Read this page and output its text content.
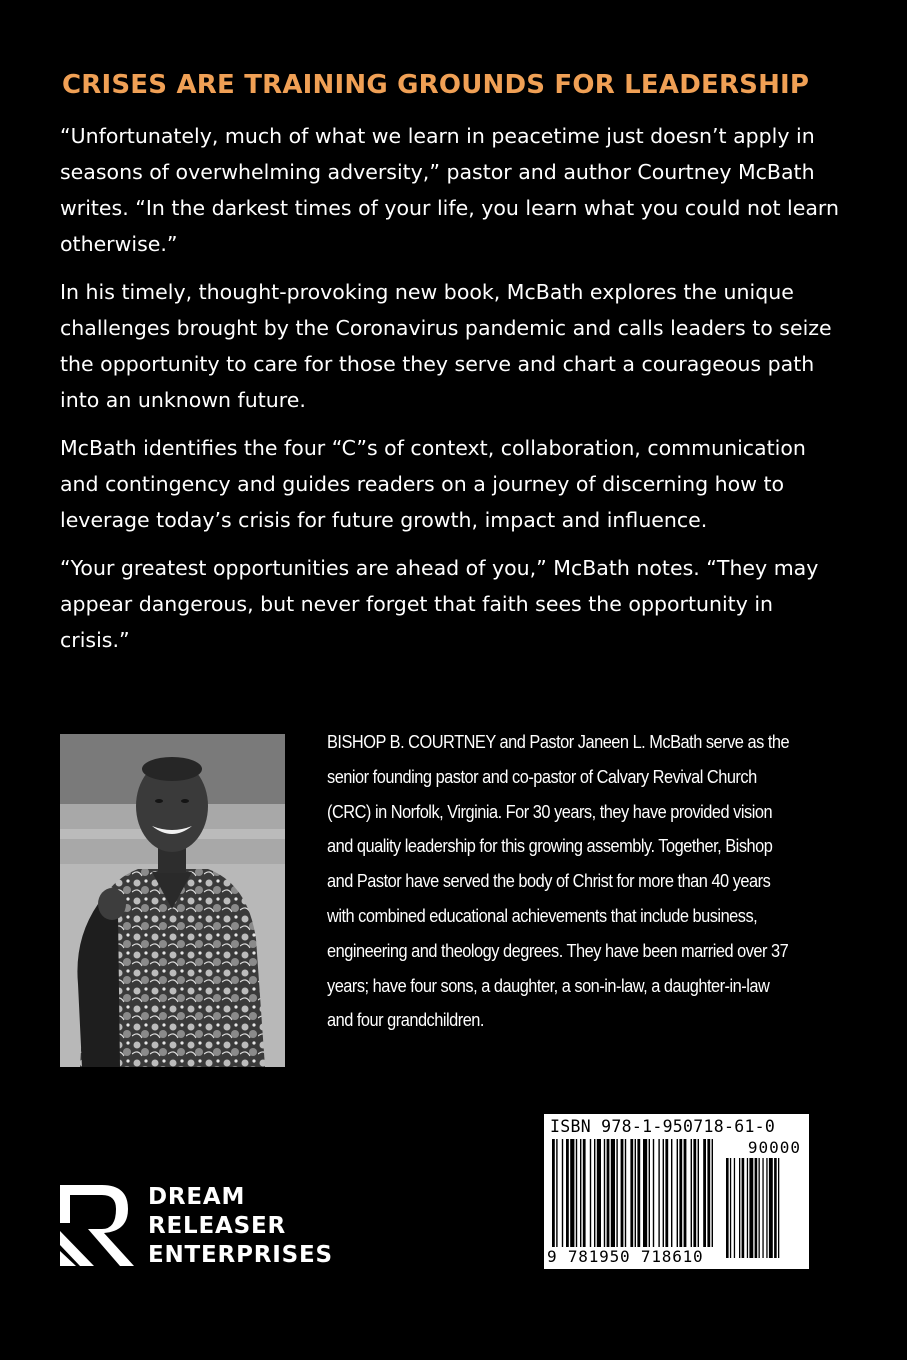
CRISES ARE TRAINING GROUNDS FOR LEADERSHIP

“Unfortunately, much of what we learn in peacetime just doesn’t apply in seasons of overwhelming adversity,” pastor and author Courtney McBath writes. “In the darkest times of your life, you learn what you could not learn otherwise.”

In his timely, thought-provoking new book, McBath explores the unique challenges brought by the Coronavirus pandemic and calls leaders to seize the opportunity to care for those they serve and chart a courageous path into an unknown future.

McBath identifies the four “C”s of context, collaboration, communication and contingency and guides readers on a journey of discerning how to leverage today’s crisis for future growth, impact and influence.

“Your greatest opportunities are ahead of you,” McBath notes. “They may appear dangerous, but never forget that faith sees the opportunity in crisis.”

BISHOP B. COURTNEY and Pastor Janeen L. McBath serve as the senior founding pastor and co-pastor of Calvary Revival Church (CRC) in Norfolk, Virginia. For 30 years, they have provided vision and quality leadership for this growing assembly. Together, Bishop and Pastor have served the body of Christ for more than 40 years with combined educational achievements that include business, engineering and theology degrees. They have been married over 37 years; have four sons, a daughter, a son-in-law, a daughter-in-law and four grandchildren.
DREAM
RELEASER
ENTERPRISES
ISBN 978-1-950718-61-0
90000
9 781950 718610
